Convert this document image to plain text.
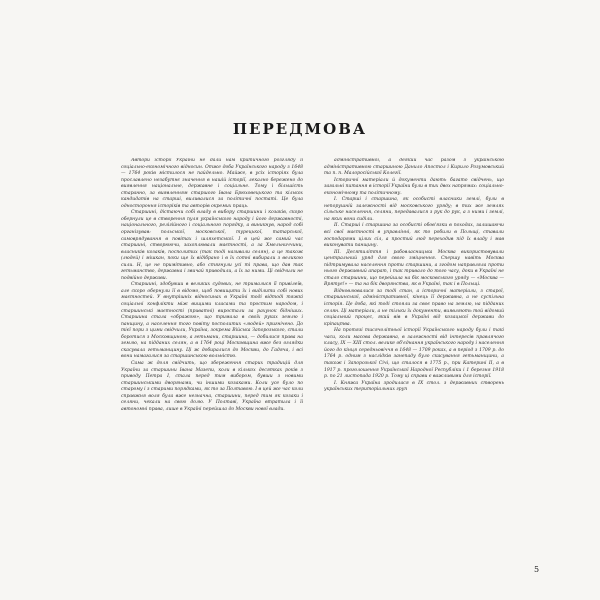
ПЕРЕДМОВА

Автори історії України не дали нам критичного розгляду її соціально-економічного відносин. Отже доба Українського народу з 1648 — 1764 років містилося не пайдельно. Майже, в усіх історіях була прославлено незабутнє значення в нашій історії, лекално бережено до виявлення національне, державне і соціальне. Тому і більшість старанно, за виявленням старшого Івана Брюховецького та кількох кандидатів на старші, виливалися за політичні постаті. Це була одностороння історіків та авторів окремих праць.

Старшині, дістаючи собі владу в вибору старшини і козаків, скоро обернули це в створення пуля українського народу і його державності, національного, релігійного і соціального порядку, а виникнув, народ собі організував: польської, московської, турецької, татарської, самоврядування в повітах і шляхетської. І в цей же самий час старшині, створюючи, захоплювали маєтності, а за Хмельниччини, власників козаків, посполитих (так тоді називали селян), а це також (людей) і мішкан, поки ще їх відібрано і в їх сотні вибирали з великою сили. Н, це не примітивно, або стягнули усі ті права, що дав так гетьманство, державна і звичай приводили, а їх за ними. Ці свідчили не подвійно держави.

Старшині, здобувши в великих судових, не трималися її привілеїв, але скоро обернули її в відомо, щоб повищити їх і виділити собі нових маєтностей. У внутрішніх відносинах в Україні тоді відтоді тяжкі соціальні конфлікти між вищими класами та простим народом, і старшинські маєтності (приватні) виростали за рахунок бідніших. Старшина стала «ображою», що тримала в своїх руках землю і панщину, а населення того повіту посполитих «людей» пригнічено. До тієї пори з цими свідчили, Україна, зокрема Війська Запорозького, стали боротися з Московщиною, а гетьмани, старшина, — добилися права на землю, на підданих селян, а в 1764 році Московщина вже без оглядки скасувала гетьманщину. Ці ж добиралися до Москви, до Гадяча, і всі вони намагалися за старшинською вольністю.

Сама ж доля свідчить, що збереження старих традицій для України за старшини Івана Мазепи, коли в кількох десятках років з приводу Петра І, стала перед тим вибором, бувши з новими старшинськими дворянами, чи іншими козаками. Коли усе було по старому і з старими порядками, як то за Полтавою. І в цей же час коли справжня воля була вже незначна, старшини, перед тим як козаки і селяни, чекали на свою долю. У Полтаві, Україна втратила і її автономні права, лише в Україні перейшла до Москви нової влади.

адміністративної, а деякий час разом з українською адміністративною старшиною Данило Апостол і Кирило Розумовський та п. п. Малоросійської Колегії.

Історичні матеріали й документи дають багато свідчень, що загальні питання в історії України були в тих двох напрямах: соціально-економічному та політичному.

І. Старші і старшина, як особисті власники землі, були в непорушній залежності від московського уряду; в тих же землях сільське населення, селяни, передавалися з рук до рук, а з ними і землі, на яких вони сиділи.

ІІ. Старші і старшина за особисті обов'язки в походах, залишаючи всі свої маєтності в управлінні, як то робили в Польщі, ставали господарями цілих сіл, а простий люд переходив під їх владу і мав виконувати панщину.

ІІІ. Десятиліття і рабовласницька Москва використовували центральний уряд для свого зміцнення. Спершу навіть Москва підтримувала населення проти старшини, а згодом направляла проти нього державний апарат, і так тривало до того часу, доки в Україні не стало старшини, що перейшла на бік московського уряду — «Москва — Врятує!» — та на бік дворянства, як в Україні, так і в Польщі.

Відновлювалися за тоді стан, а історичні матеріали, з старої, старшинської, адміністративної, кінець її державна, а не суспільна історія. Це доба, які тоді стояли за своє право на землю, на підданих селян. Ці матеріали, а не тільки їх документи, виявляють той відомий соціальний процес, який вів в Україні від козацької держави до кріпацтва.

На протязі тисячолітньої історії Українського народу були і такі часи, коли масова державна, в залежності від інтересів правлячого класу, IX — XIII стол. велике об'єднання українського народу і населення його до кінця середньовіччя в 1648 — 1709 роках, а в період з 1709 р. до 1764 р. одним з наслідків занепаду було скасування гетьманщини, а також і Запорозької Січі, що сталося в 1775 р., при Катерині ІІ, а в 1917 р. проголошення Української Народної Республіки і 1 березня 1918 р. по 21 листопада 1920 р. Тому ці справи є важливими для історії.

І. Княжа Україна зродилася в IX стол. з державних створень українських територіальних груп

5
